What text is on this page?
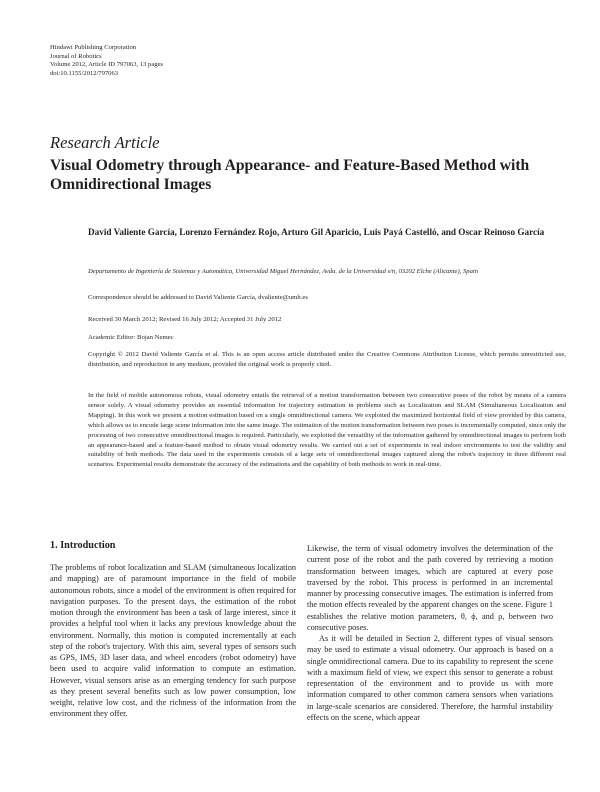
Hindawi Publishing Corporation
Journal of Robotics
Volume 2012, Article ID 797063, 13 pages
doi:10.1155/2012/797063
Research Article
Visual Odometry through Appearance- and Feature-Based Method with Omnidirectional Images
David Valiente García, Lorenzo Fernández Rojo, Arturo Gil Aparicio, Luis Payá Castelló, and Oscar Reinoso García
Departamento de Ingeniería de Sistemas y Automática, Universidad Miguel Hernández, Avda. de la Universidad s/n, 03202 Elche (Alicante), Spain
Correspondence should be addressed to David Valiente García, dvaliente@umh.es
Received 30 March 2012; Revised 16 July 2012; Accepted 31 July 2012
Academic Editor: Bojan Nemec
Copyright © 2012 David Valiente García et al. This is an open access article distributed under the Creative Commons Attribution License, which permits unrestricted use, distribution, and reproduction in any medium, provided the original work is properly cited.
In the field of mobile autonomous robots, visual odometry entails the retrieval of a motion transformation between two consecutive poses of the robot by means of a camera sensor solely. A visual odometry provides an essential information for trajectory estimation in problems such as Localization and SLAM (Simultaneous Localization and Mapping). In this work we present a motion estimation based on a single omnidirectional camera. We exploited the maximized horizontal field of view provided by this camera, which allows us to encode large scene information into the same image. The estimation of the motion transformation between two poses is incrementally computed, since only the processing of two consecutive omnidirectional images is required. Particularly, we exploited the versatility of the information gathered by omnidirectional images to perform both an appearance-based and a feature-based method to obtain visual odometry results. We carried out a set of experiments in real indoor environments to test the validity and suitability of both methods. The data used in the experiments consists of a large sets of omnidirectional images captured along the robot's trajectory in three different real scenarios. Experimental results demonstrate the accuracy of the estimations and the capability of both methods to work in real-time.
1. Introduction

The problems of robot localization and SLAM (simultaneous localization and mapping) are of paramount importance in the field of mobile autonomous robots, since a model of the environment is often required for navigation purposes. To the present days, the estimation of the robot motion through the environment has been a task of large interest, since it provides a helpful tool when it lacks any previous knowledge about the environment. Normally, this motion is computed incrementally at each step of the robot's trajectory. With this aim, several types of sensors such as GPS, IMS, 3D laser data, and wheel encoders (robot odometry) have been used to acquire valid information to compute an estimation. However, visual sensors arise as an emerging tendency for such purpose as they present several benefits such as low power consumption, low weight, relative low cost, and the richness of the information from the environment they offer.

Likewise, the term of visual odometry involves the determination of the current pose of the robot and the path covered by retrieving a motion transformation between images, which are captured at every pose traversed by the robot. This process is performed in an incremental manner by processing consecutive images. The estimation is inferred from the motion effects revealed by the apparent changes on the scene. Figure 1 establishes the relative motion parameters, θ, ϕ, and ρ, between two consecutive poses.

As it will be detailed in Section 2, different types of visual sensors may be used to estimate a visual odometry. Our approach is based on a single omnidirectional camera. Due to its capability to represent the scene with a maximum field of view, we expect this sensor to generate a robust representation of the environment and to provide us with more information compared to other common camera sensors when variations in large-scale scenarios are considered. Therefore, the harmful instability effects on the scene, which appear
